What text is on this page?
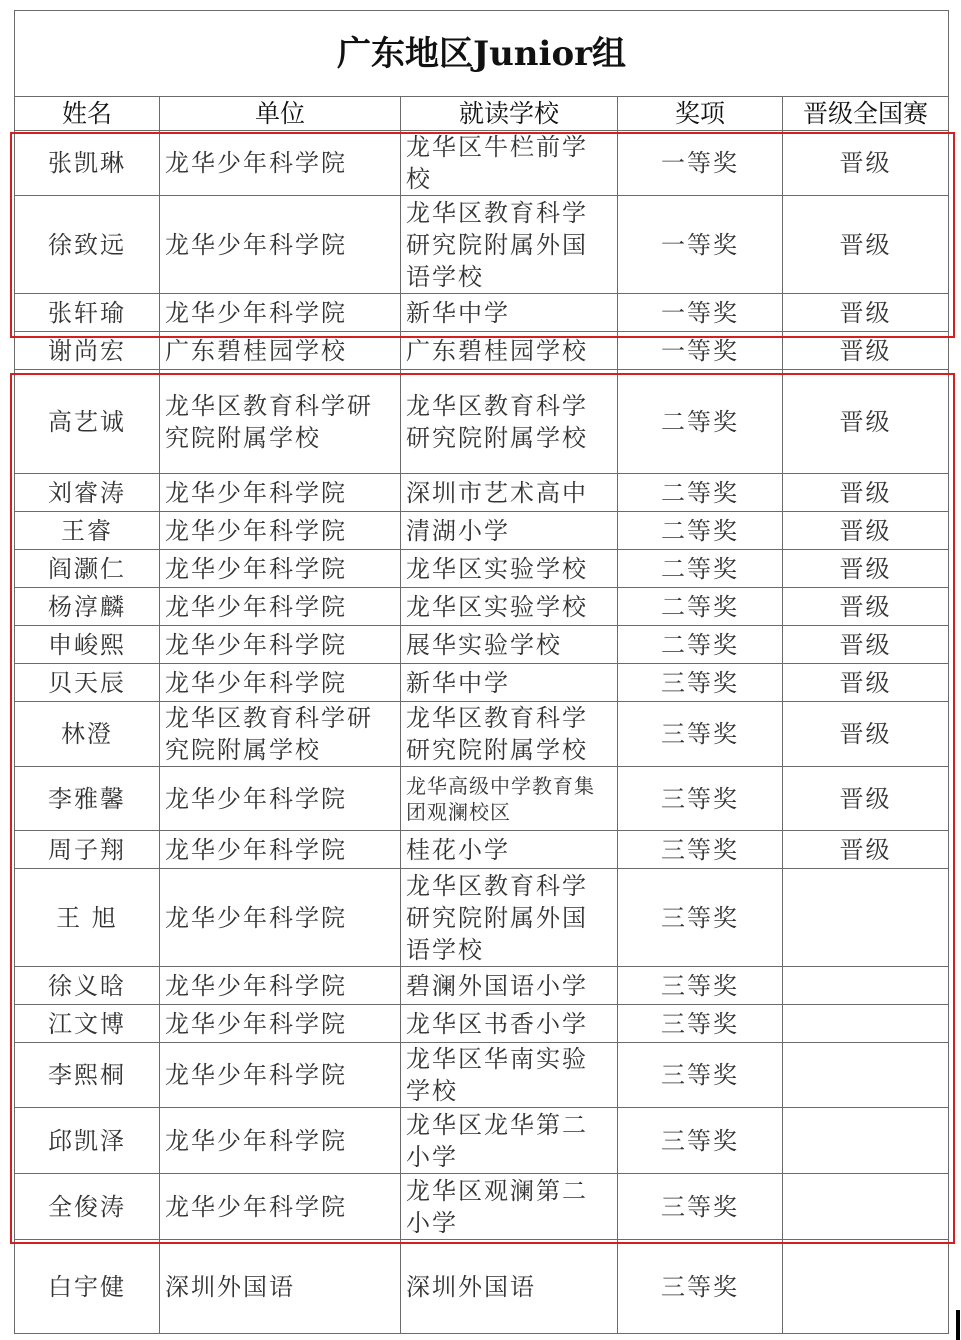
广东地区Junior组				
姓名	单位	就读学校	奖项	晋级全国赛
张凯琳	龙华少年科学院	龙华区牛栏前学校	一等奖	晋级
徐致远	龙华少年科学院	龙华区教育科学研究院附属外国语学校	一等奖	晋级
张轩瑜	龙华少年科学院	新华中学	一等奖	晋级
谢尚宏	广东碧桂园学校	广东碧桂园学校	一等奖	晋级
高艺诚	龙华区教育科学研究院附属学校	龙华区教育科学研究院附属学校	二等奖	晋级
刘睿涛	龙华少年科学院	深圳市艺术高中	二等奖	晋级
王睿	龙华少年科学院	清湖小学	二等奖	晋级
阎灏仁	龙华少年科学院	龙华区实验学校	二等奖	晋级
杨淳麟	龙华少年科学院	龙华区实验学校	二等奖	晋级
申峻熙	龙华少年科学院	展华实验学校	二等奖	晋级
贝天辰	龙华少年科学院	新华中学	三等奖	晋级
林澄	龙华区教育科学研究院附属学校	龙华区教育科学研究院附属学校	三等奖	晋级
李雅馨	龙华少年科学院	龙华高级中学教育集团观澜校区	三等奖	晋级
周子翔	龙华少年科学院	桂花小学	三等奖	晋级
王 旭	龙华少年科学院	龙华区教育科学研究院附属外国语学校	三等奖	
徐义晗	龙华少年科学院	碧澜外国语小学	三等奖	
江文博	龙华少年科学院	龙华区书香小学	三等奖	
李熙桐	龙华少年科学院	龙华区华南实验学校	三等奖	
邱凯泽	龙华少年科学院	龙华区龙华第二小学	三等奖	
全俊涛	龙华少年科学院	龙华区观澜第二小学	三等奖	
白宇健	深圳外国语	深圳外国语	三等奖	
